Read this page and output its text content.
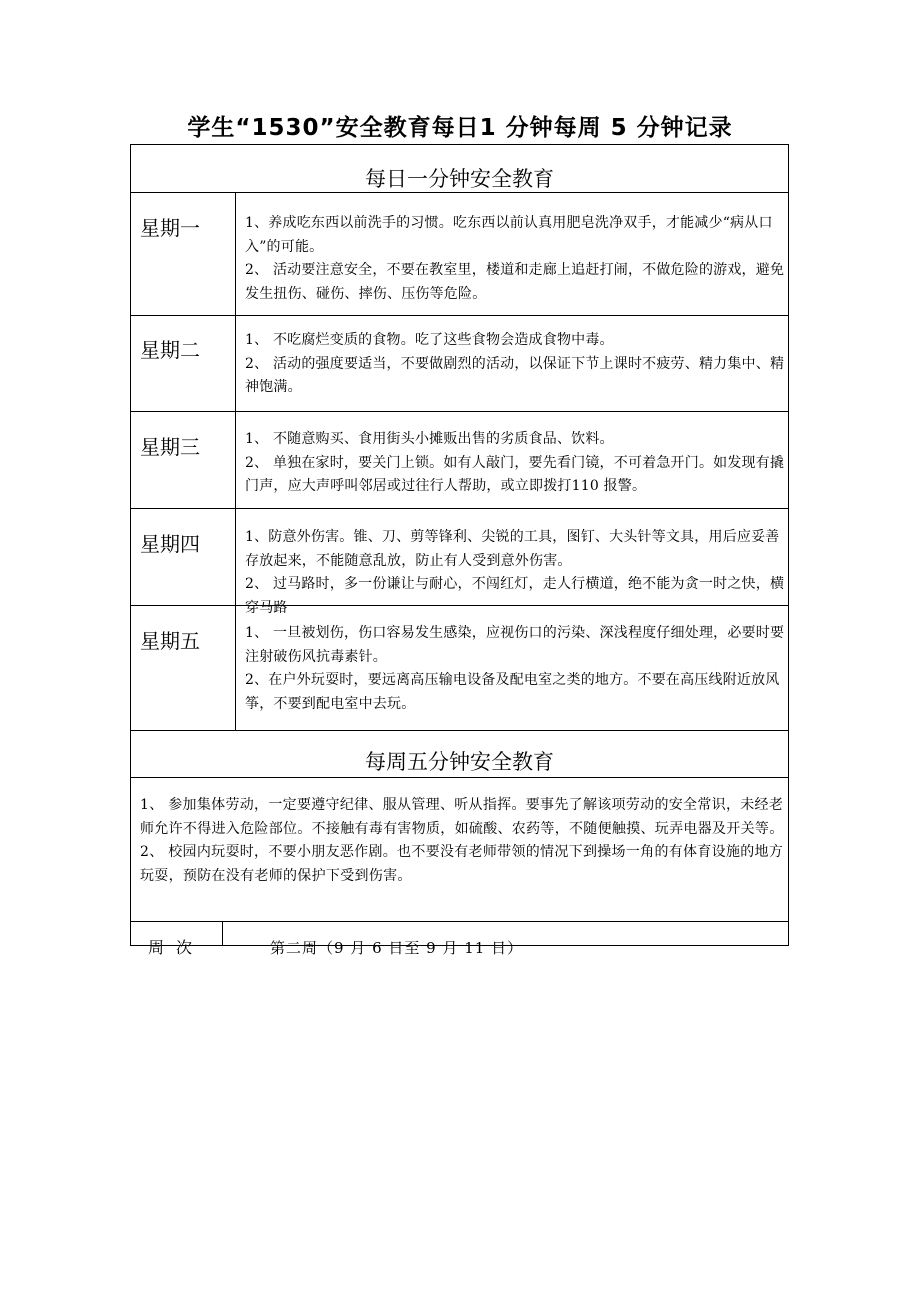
学生“1530”安全教育每日1 分钟每周 5 分钟记录
每日一分钟安全教育
星期一	1、养成吃东西以前洗手的习惯。吃东西以前认真用肥皂洗净双手，才能减少“病从口入”的可能。

2、 活动要注意安全，不要在教室里，楼道和走廊上追赶打闹，不做危险的游戏，避免发生扭伤、碰伤、摔伤、压伤等危险。

星期二	1、 不吃腐烂变质的食物。吃了这些食物会造成食物中毒。

2、 活动的强度要适当，不要做剧烈的活动，以保证下节上课时不疲劳、精力集中、精神饱满。

星期三	1、 不随意购买、食用街头小摊贩出售的劣质食品、饮料。

2、 单独在家时，要关门上锁。如有人敲门，要先看门镜，不可着急开门。如发现有撬门声，应大声呼叫邻居或过往行人帮助，或立即拨打110 报警。

星期四	1、防意外伤害。锥、刀、剪等锋利、尖锐的工具，图钉、大头针等文具，用后应妥善存放起来，不能随意乱放，防止有人受到意外伤害。

2、 过马路时，多一份谦让与耐心，不闯红灯，走人行横道，绝不能为贪一时之快，横穿马路

星期五	1、 一旦被划伤，伤口容易发生感染，应视伤口的污染、深浅程度仔细处理，必要时要注射破伤风抗毒素针。

2、在户外玩耍时，要远离高压输电设备及配电室之类的地方。不要在高压线附近放风筝，不要到配电室中去玩。

每周五分钟安全教育

1、 参加集体劳动，一定要遵守纪律、服从管理、听从指挥。要事先了解该项劳动的安全常识，未经老师允许不得进入危险部位。不接触有毒有害物质，如硫酸、农药等，不随便触摸、玩弄电器及开关等。

2、 校园内玩耍时，不要小朋友恶作剧。也不要没有老师带领的情况下到操场一角的有体育设施的地方玩耍，预防在没有老师的保护下受到伤害。

周次	第二周（9 月 6 日至 9 月 11 日）
